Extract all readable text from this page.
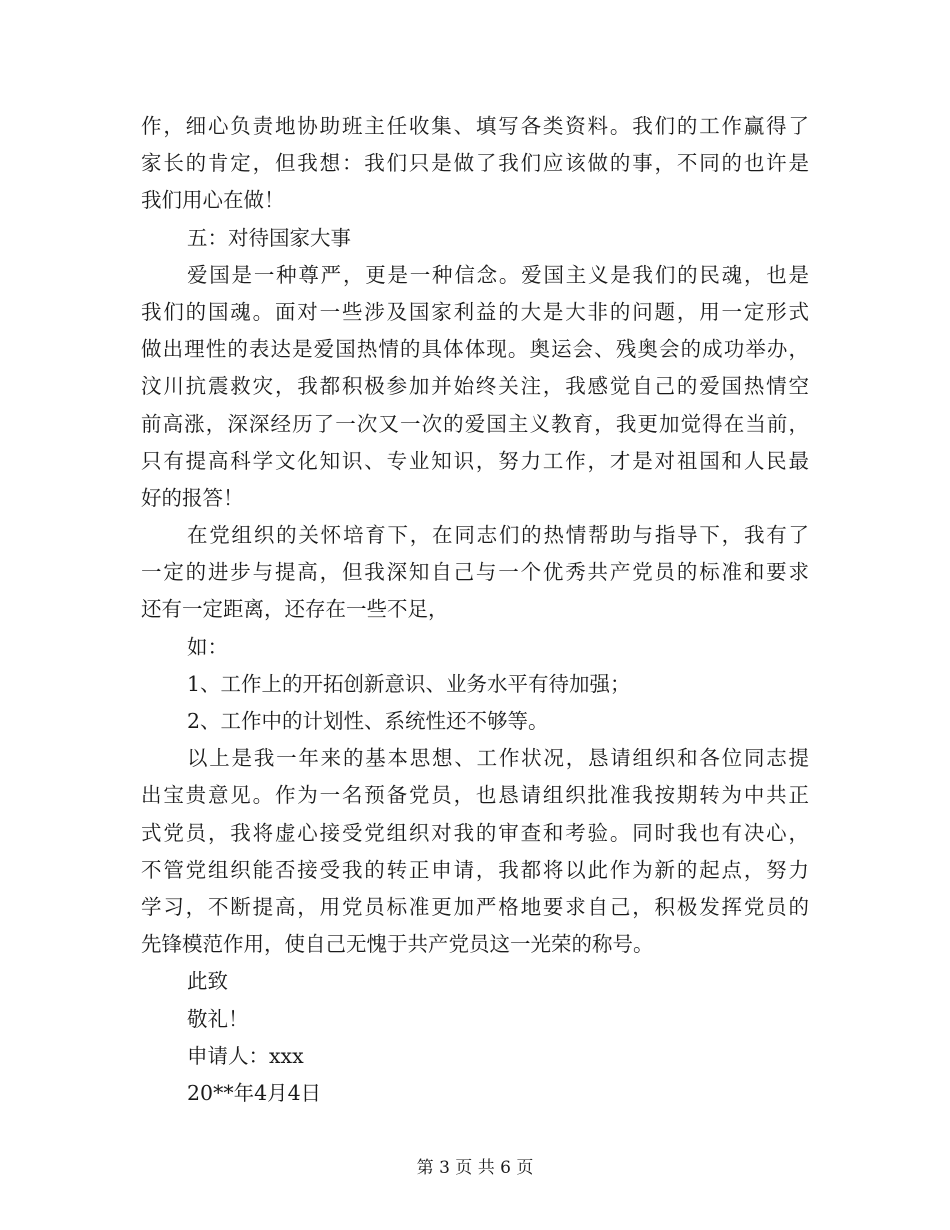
作，细心负责地协助班主任收集、填写各类资料。我们的工作赢得了
家长的肯定，但我想：我们只是做了我们应该做的事，不同的也许是
我们用心在做！
五：对待国家大事
爱国是一种尊严，更是一种信念。爱国主义是我们的民魂，也是
我们的国魂。面对一些涉及国家利益的大是大非的问题，用一定形式
做出理性的表达是爱国热情的具体体现。奥运会、残奥会的成功举办，
汶川抗震救灾，我都积极参加并始终关注，我感觉自己的爱国热情空
前高涨，深深经历了一次又一次的爱国主义教育，我更加觉得在当前，
只有提高科学文化知识、专业知识，努力工作，才是对祖国和人民最
好的报答！
在党组织的关怀培育下，在同志们的热情帮助与指导下，我有了
一定的进步与提高，但我深知自己与一个优秀共产党员的标准和要求
还有一定距离，还存在一些不足，
如：
1、工作上的开拓创新意识、业务水平有待加强；
2、工作中的计划性、系统性还不够等。
以上是我一年来的基本思想、工作状况，恳请组织和各位同志提
出宝贵意见。作为一名预备党员，也恳请组织批准我按期转为中共正
式党员，我将虚心接受党组织对我的审查和考验。同时我也有决心，
不管党组织能否接受我的转正申请，我都将以此作为新的起点，努力
学习，不断提高，用党员标准更加严格地要求自己，积极发挥党员的
先锋模范作用，使自己无愧于共产党员这一光荣的称号。
此致
敬礼！
申请人：xxx
20**年4月4日
第 3 页 共 6 页
